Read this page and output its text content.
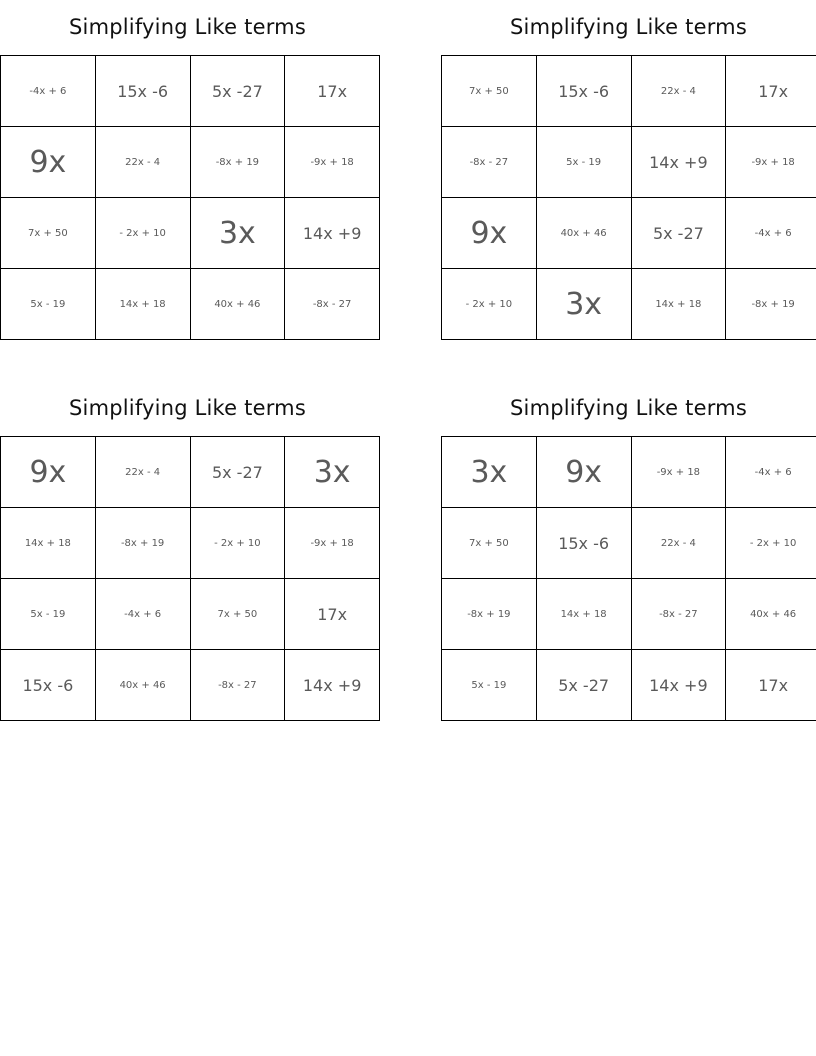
Simplifying Like terms
-4x + 6	15x -6	5x -27	17x
9x	22x - 4	-8x + 19	-9x + 18
7x + 50	- 2x + 10	3x	14x +9
5x - 19	14x + 18	40x + 46	-8x - 27
Simplifying Like terms
7x + 50	15x -6	22x - 4	17x
-8x - 27	5x - 19	14x +9	-9x + 18
9x	40x + 46	5x -27	-4x + 6
- 2x + 10	3x	14x + 18	-8x + 19
Simplifying Like terms
9x	22x - 4	5x -27	3x
14x + 18	-8x + 19	- 2x + 10	-9x + 18
5x - 19	-4x + 6	7x + 50	17x
15x -6	40x + 46	-8x - 27	14x +9
Simplifying Like terms
3x	9x	-9x + 18	-4x + 6
7x + 50	15x -6	22x - 4	- 2x + 10
-8x + 19	14x + 18	-8x - 27	40x + 46
5x - 19	5x -27	14x +9	17x
